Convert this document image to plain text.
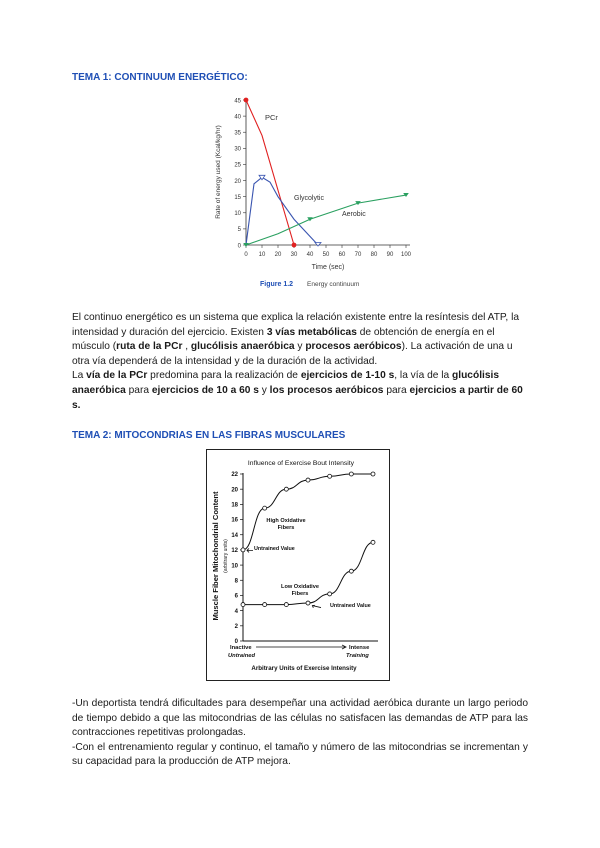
TEMA 1: CONTINUUM ENERGÉTICO:
0
5
10
15
20
25
30
35
40
45
0 10 20 30 40 50 60 70 80 90 100
Rate of energy used (Kcal/kg/hr)
Time (sec)
PCr
Glycolytic
Aerobic
Figure 1.2 Energy continuum
El continuo energético es un sistema que explica la relación existente entre la resíntesis del ATP, la intensidad y duración del ejercicio. Existen 3 vías metabólicas de obtención de energía en el músculo (ruta de la PCr , glucólisis anaeróbica y procesos aeróbicos). La activación de una u otra vía dependerá de la intensidad y de la duración de la actividad.
La vía de la PCr predomina para la realización de ejercicios de 1-10 s, la vía de la glucólisis anaeróbica para ejercicios de 10 a 60 s y los procesos aeróbicos para ejercicios a partir de 60 s.
TEMA 2: MITOCONDRIAS EN LAS FIBRAS MUSCULARES
Influence of Exercise Bout Intensity
0
2
4
6
8
10
12
14
16
18
20
22
Muscle Fiber Mitochondrial Content (arbitrary units)
High Oxidative
Fibers
Untrained Value
Low Oxidative
Fibers
Untrained Value
Inactive
Untrained
Intense
Training
Arbitrary Units of Exercise Intensity
-Un deportista tendrá dificultades para desempeñar una actividad aeróbica durante un largo periodo de tiempo debido a que las mitocondrias de las células no satisfacen las demandas de ATP para las contracciones repetitivas prolongadas.
-Con el entrenamiento regular y continuo, el tamaño y número de las mitocondrias se incrementan y su capacidad para la producción de ATP mejora.
